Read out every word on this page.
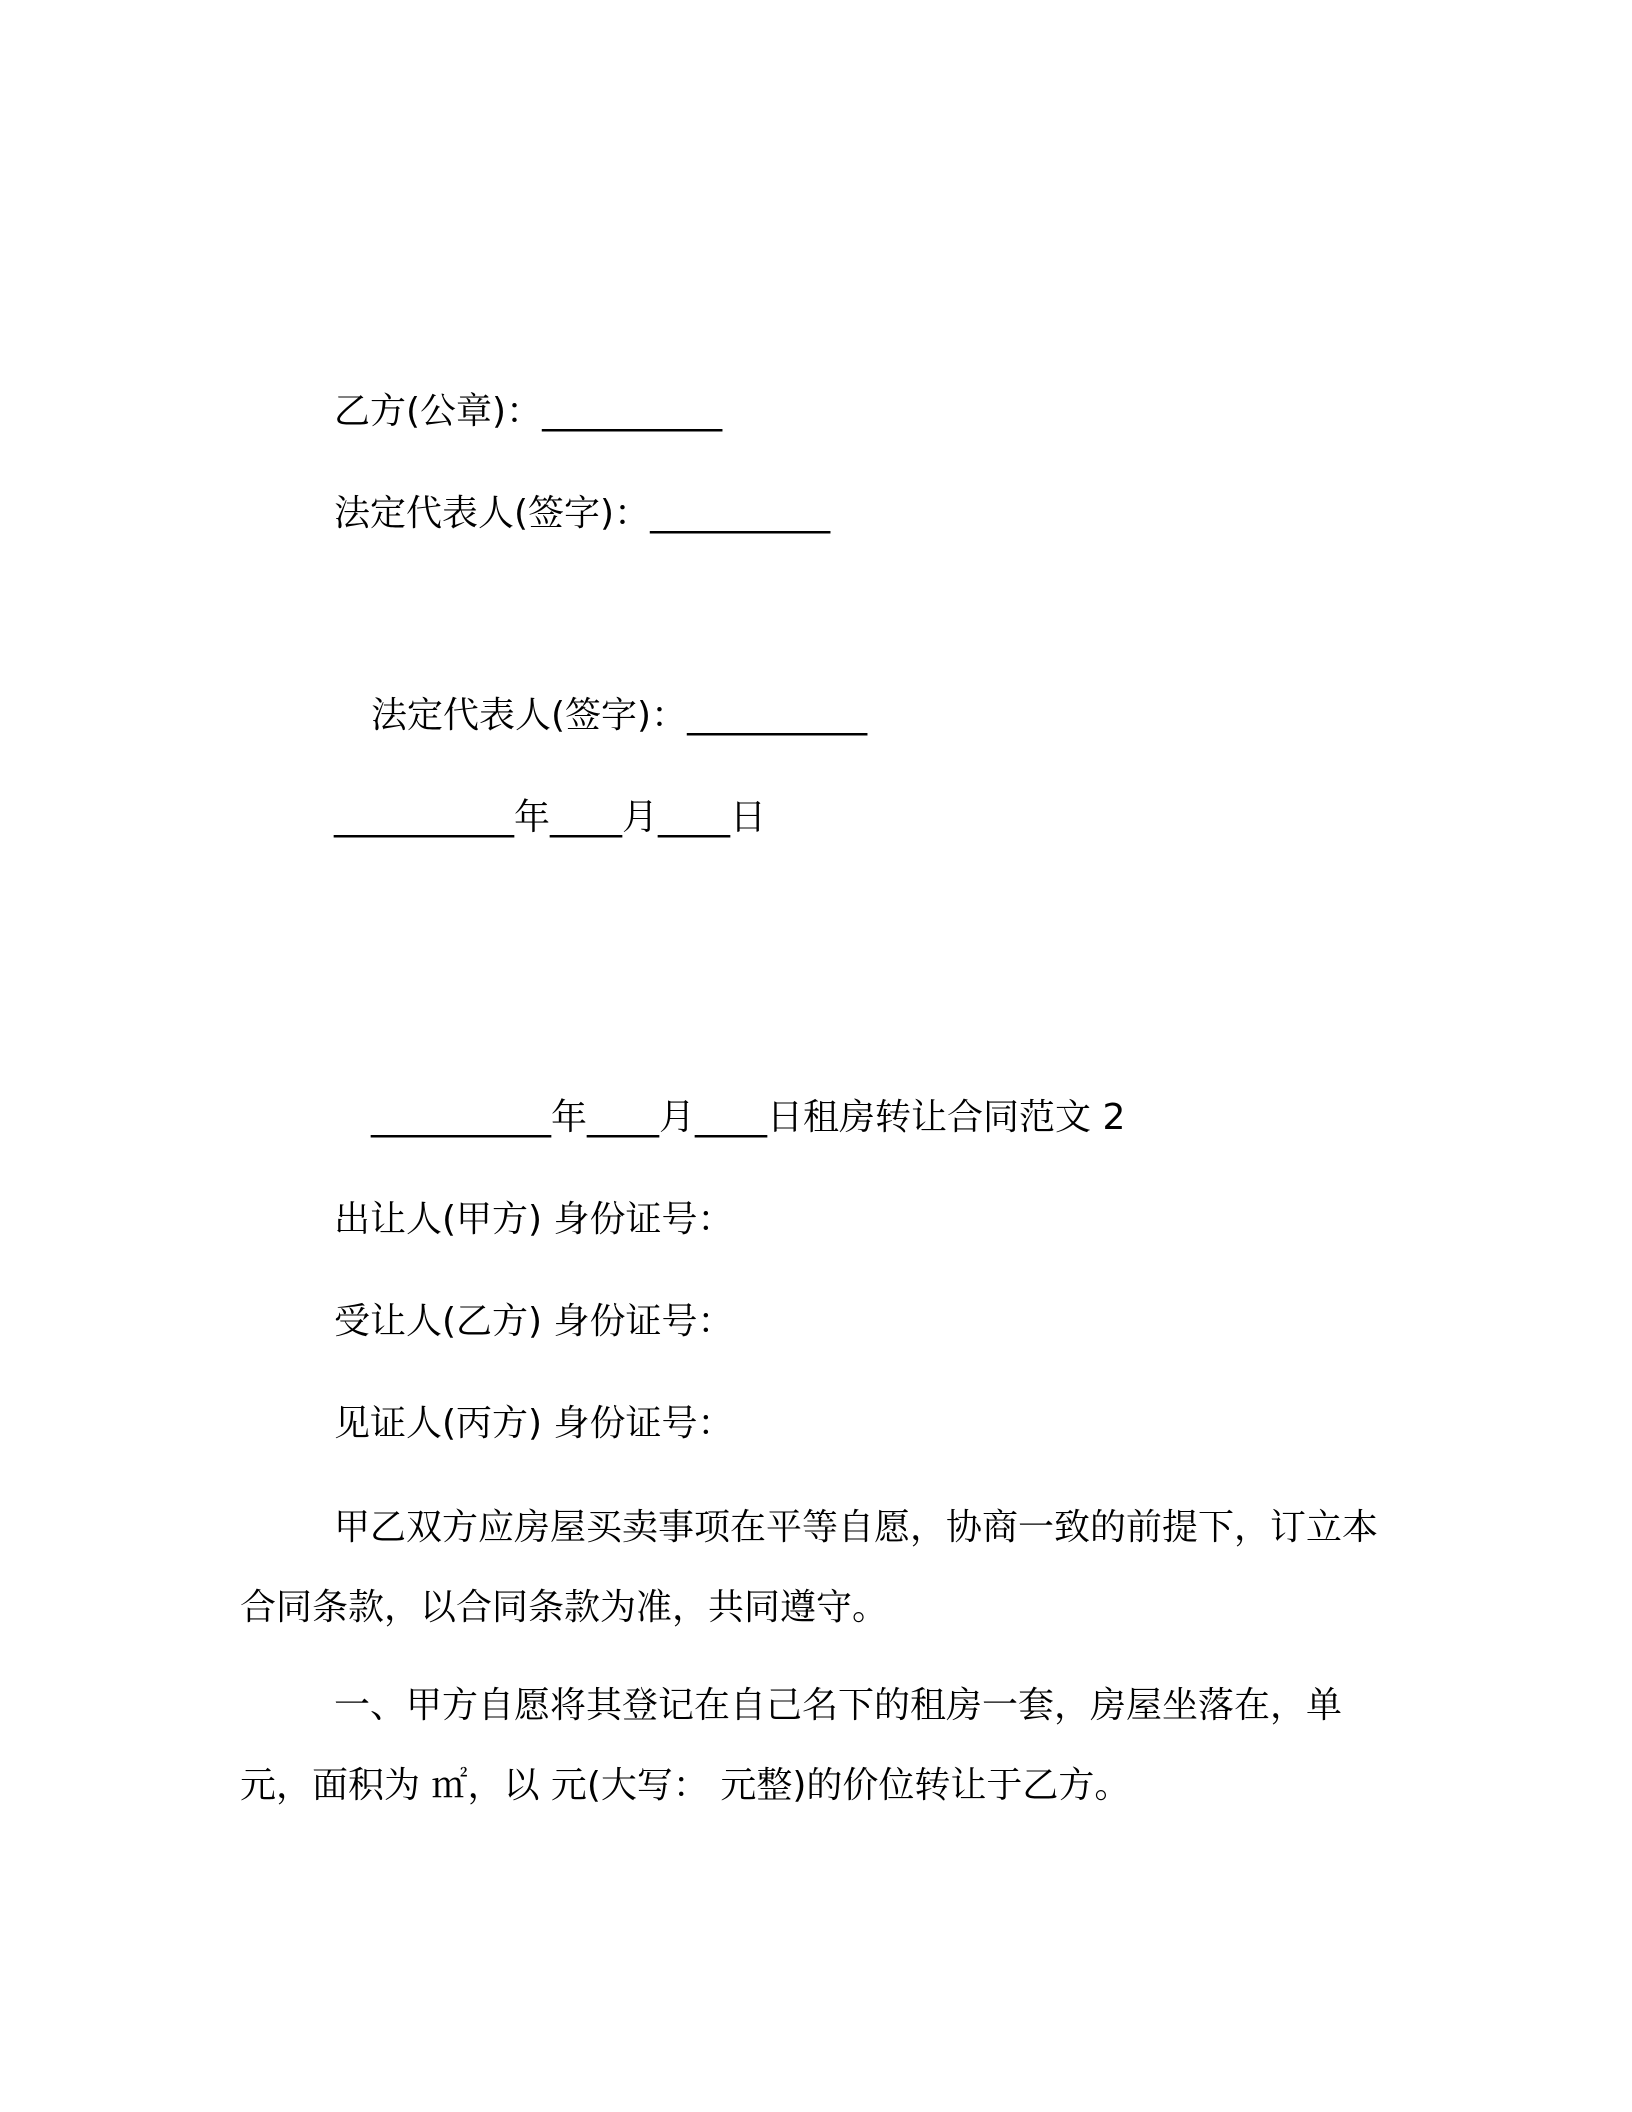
乙方(公章)：__________
法定代表人(签字)：__________
法定代表人(签字)：__________
__________年____月____日
__________年____月____日租房转让合同范文 2
出让人(甲方) 身份证号：
受让人(乙方) 身份证号：
见证人(丙方) 身份证号：
甲乙双方应房屋买卖事项在平等自愿，协商一致的前提下，订立本合同条款，以合同条款为准，共同遵守。
一、甲方自愿将其登记在自己名下的租房一套，房屋坐落在，单元，面积为 ㎡，以 元(大写： 元整)的价位转让于乙方。
